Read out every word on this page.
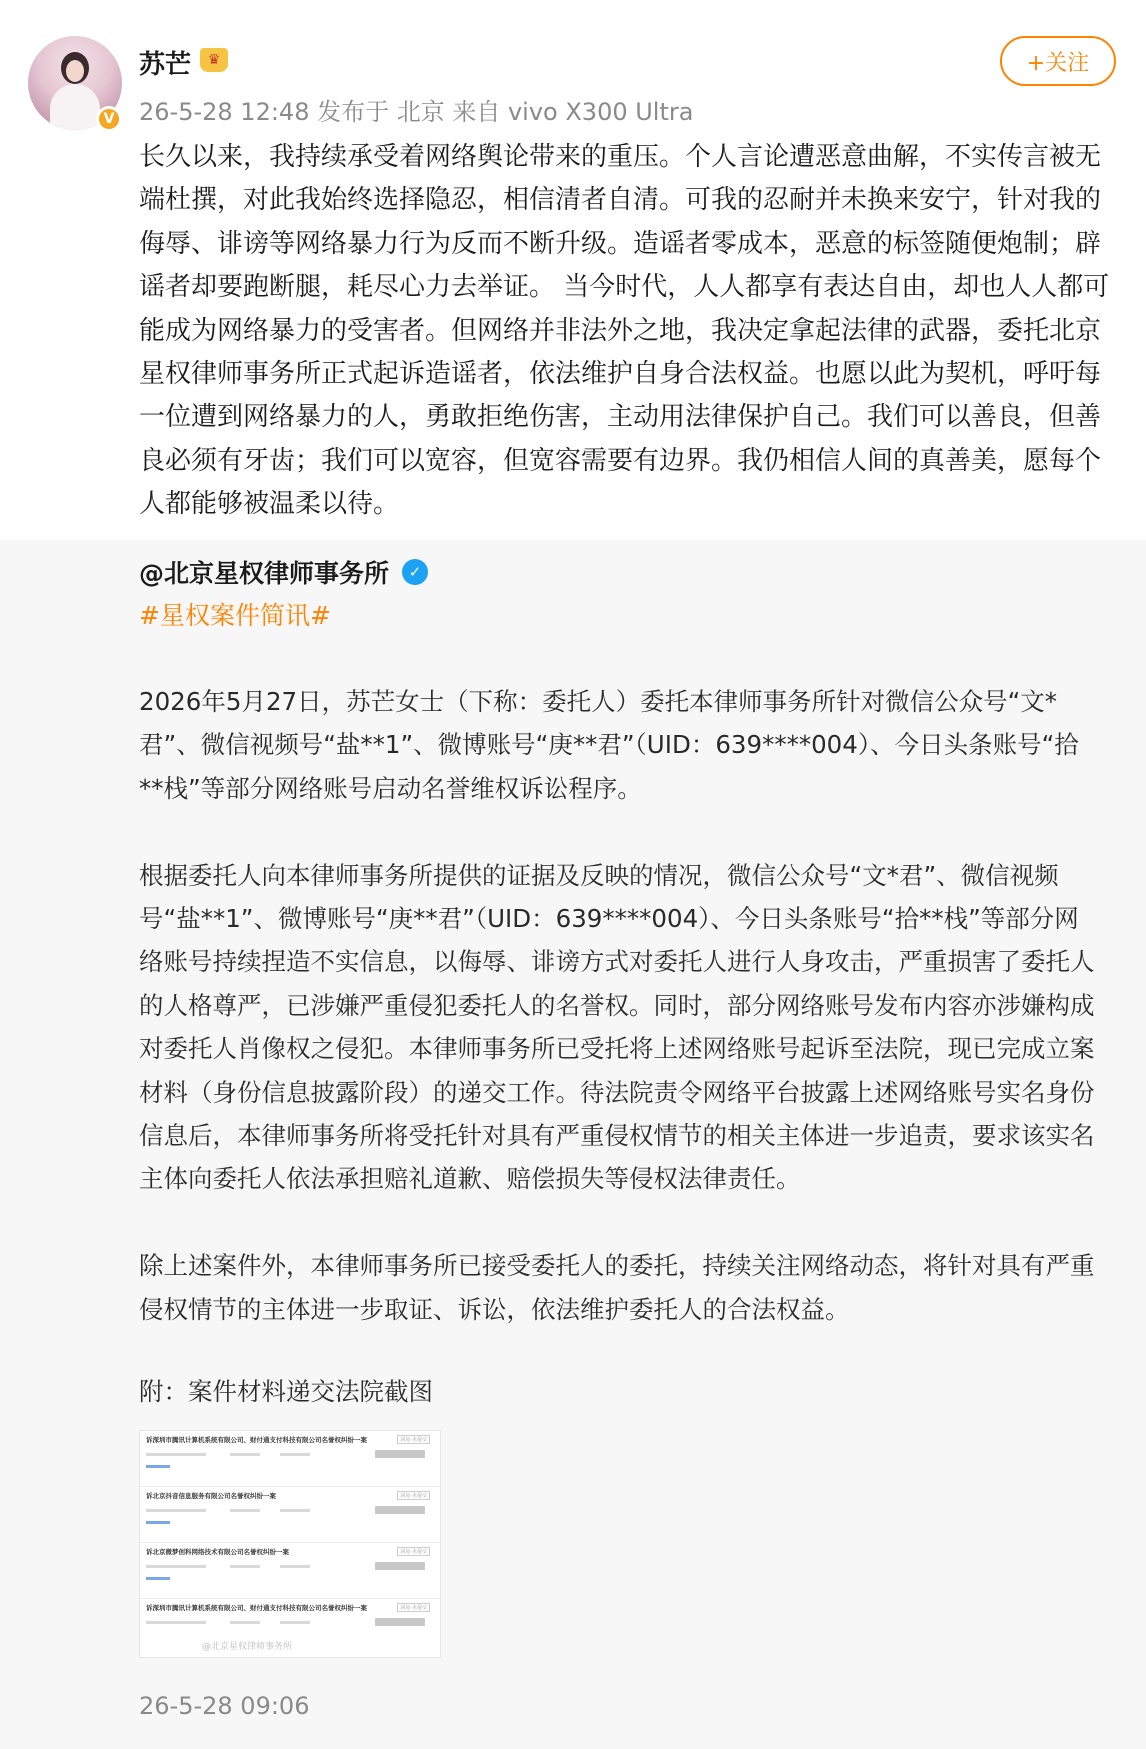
V
苏芒	♛
26-5-28 12:48 发布于 北京 来自 vivo X300 Ultra
+关注
长久以来，我持续承受着网络舆论带来的重压。个人言论遭恶意曲解，不实传言被无端杜撰，对此我始终选择隐忍，相信清者自清。可我的忍耐并未换来安宁，针对我的侮辱、诽谤等网络暴力行为反而不断升级。造谣者零成本，恶意的标签随便炮制；辟谣者却要跑断腿，耗尽心力去举证。 当今时代，人人都享有表达自由，却也人人都可能成为网络暴力的受害者。但网络并非法外之地，我决定拿起法律的武器，委托北京星权律师事务所正式起诉造谣者，依法维护自身合法权益。也愿以此为契机，呼吁每一位遭到网络暴力的人，勇敢拒绝伤害，主动用法律保护自己。我们可以善良，但善良必须有牙齿；我们可以宽容，但宽容需要有边界。我仍相信人间的真善美，愿每个人都能够被温柔以待。
@北京星权律师事务所	✓
#星权案件简讯#

2026年5月27日，苏芒女士（下称：委托人）委托本律师事务所针对微信公众号“文*君”、微信视频号“盐**1”、微博账号“庚**君”（UID：639****004）、今日头条账号“拾**栈”等部分网络账号启动名誉维权诉讼程序。

根据委托人向本律师事务所提供的证据及反映的情况，微信公众号“文*君”、微信视频号“盐**1”、微博账号“庚**君”（UID：639****004）、今日头条账号“拾**栈”等部分网络账号持续捏造不实信息，以侮辱、诽谤方式对委托人进行人身攻击，严重损害了委托人的人格尊严，已涉嫌严重侵犯委托人的名誉权。同时，部分网络账号发布内容亦涉嫌构成对委托人肖像权之侵犯。本律师事务所已受托将上述网络账号起诉至法院，现已完成立案材料（身份信息披露阶段）的递交工作。待法院责令网络平台披露上述网络账号实名身份信息后，本律师事务所将受托针对具有严重侵权情节的相关主体进一步追责，要求该实名主体向委托人依法承担赔礼道歉、赔偿损失等侵权法律责任。

除上述案件外，本律师事务所已接受委托人的委托，持续关注网络动态，将针对具有严重侵权情节的主体进一步取证、诉讼，依法维护委托人的合法权益。

附：案件材料递交法院截图
诉深圳市腾讯计算机系统有限公司、财付通支付科技有限公司名誉权纠纷一案	回复·未提交
诉北京抖音信息服务有限公司名誉权纠纷一案	回复·未提交
诉北京微梦创科网络技术有限公司名誉权纠纷一案	回复·未提交
诉深圳市腾讯计算机系统有限公司、财付通支付科技有限公司名誉权纠纷一案	回复·未提交
@北京星权律师事务所
26-5-28 09:06
